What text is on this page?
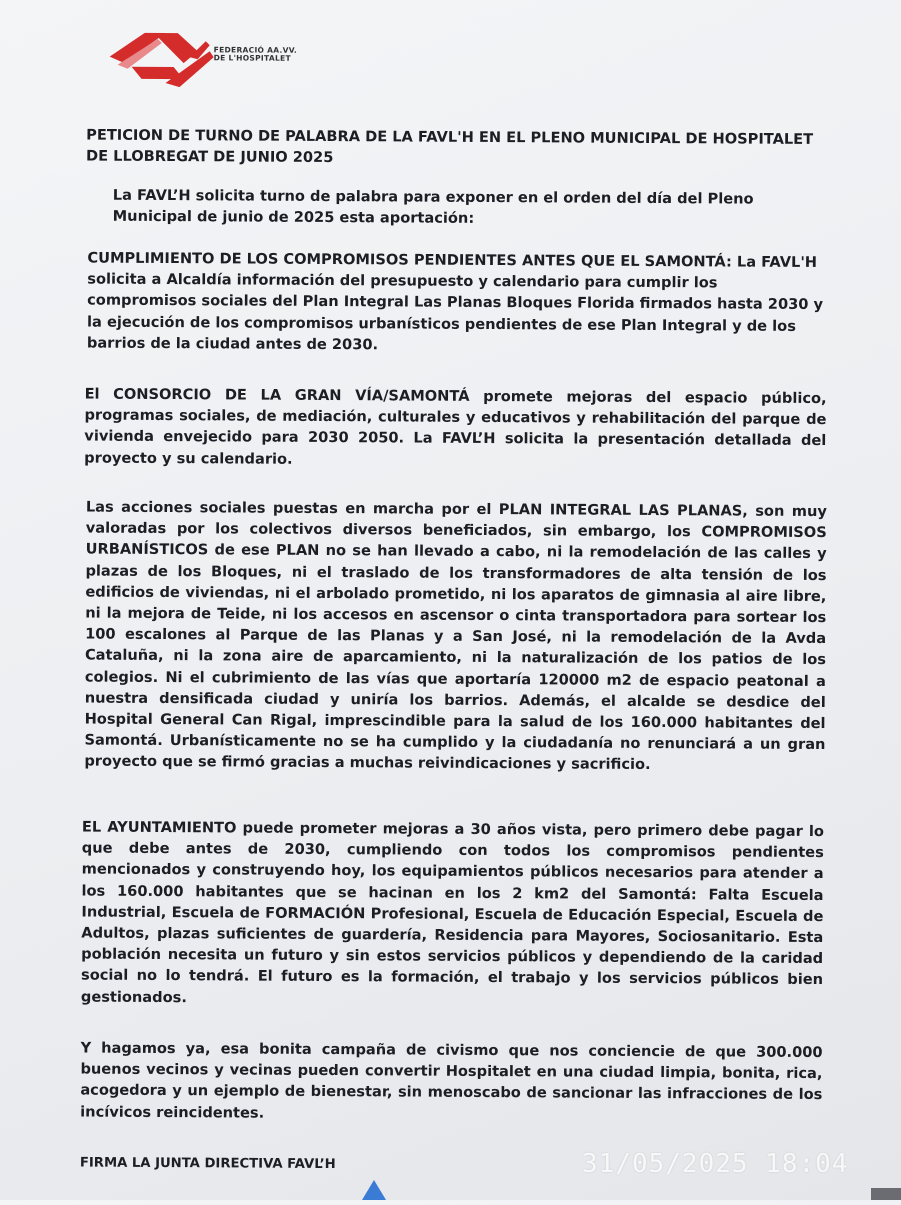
FEDERACIÓ AA.VV.
DE L'HOSPITALET
PETICION DE TURNO DE PALABRA DE LA FAVL'H EN EL PLENO MUNICIPAL DE HOSPITALET DE LLOBREGAT DE JUNIO 2025
La FAVL’H solicita turno de palabra para exponer en el orden del día del Pleno Municipal de junio de 2025 esta aportación:
CUMPLIMIENTO DE LOS COMPROMISOS PENDIENTES ANTES QUE EL SAMONTÁ: La FAVL'H solicita a Alcaldía información del presupuesto y calendario para cumplir los compromisos sociales del Plan Integral Las Planas Bloques Florida firmados hasta 2030 y la ejecución de los compromisos urbanísticos pendientes de ese Plan Integral y de los barrios de la ciudad antes de 2030.
El CONSORCIO DE LA GRAN VÍA/SAMONTÁ promete mejoras del espacio público, programas sociales, de mediación, culturales y educativos y rehabilitación del parque de vivienda envejecido para 2030 2050. La FAVL’H solicita la presentación detallada del proyecto y su calendario.
Las acciones sociales puestas en marcha por el PLAN INTEGRAL LAS PLANAS, son muy valoradas por los colectivos diversos beneficiados, sin embargo, los COMPROMISOS URBANÍSTICOS de ese PLAN no se han llevado a cabo, ni la remodelación de las calles y plazas de los Bloques, ni el traslado de los transformadores de alta tensión de los edificios de viviendas, ni el arbolado prometido, ni los aparatos de gimnasia al aire libre, ni la mejora de Teide, ni los accesos en ascensor o cinta transportadora para sortear los 100 escalones al Parque de las Planas y a San José, ni la remodelación de la Avda Cataluña, ni la zona aire de aparcamiento, ni la naturalización de los patios de los colegios. Ni el cubrimiento de las vías que aportaría 120000 m2 de espacio peatonal a nuestra densificada ciudad y uniría los barrios. Además, el alcalde se desdice del Hospital General Can Rigal, imprescindible para la salud de los 160.000 habitantes del Samontá. Urbanísticamente no se ha cumplido y la ciudadanía no renunciará a un gran proyecto que se firmó gracias a muchas reivindicaciones y sacrificio.
EL AYUNTAMIENTO puede prometer mejoras a 30 años vista, pero primero debe pagar lo que debe antes de 2030, cumpliendo con todos los compromisos pendientes mencionados y construyendo hoy, los equipamientos públicos necesarios para atender a los 160.000 habitantes que se hacinan en los 2 km2 del Samontá: Falta Escuela Industrial, Escuela de FORMACIÓN Profesional, Escuela de Educación Especial, Escuela de Adultos, plazas suficientes de guardería, Residencia para Mayores, Sociosanitario. Esta población necesita un futuro y sin estos servicios públicos y dependiendo de la caridad social no lo tendrá. El futuro es la formación, el trabajo y los servicios públicos bien gestionados.
Y hagamos ya, esa bonita campaña de civismo que nos conciencie de que 300.000 buenos vecinos y vecinas pueden convertir Hospitalet en una ciudad limpia, bonita, rica, acogedora y un ejemplo de bienestar, sin menoscabo de sancionar las infracciones de los incívicos reincidentes.
FIRMA LA JUNTA DIRECTIVA FAVL’H	31/05/2025 18:04
